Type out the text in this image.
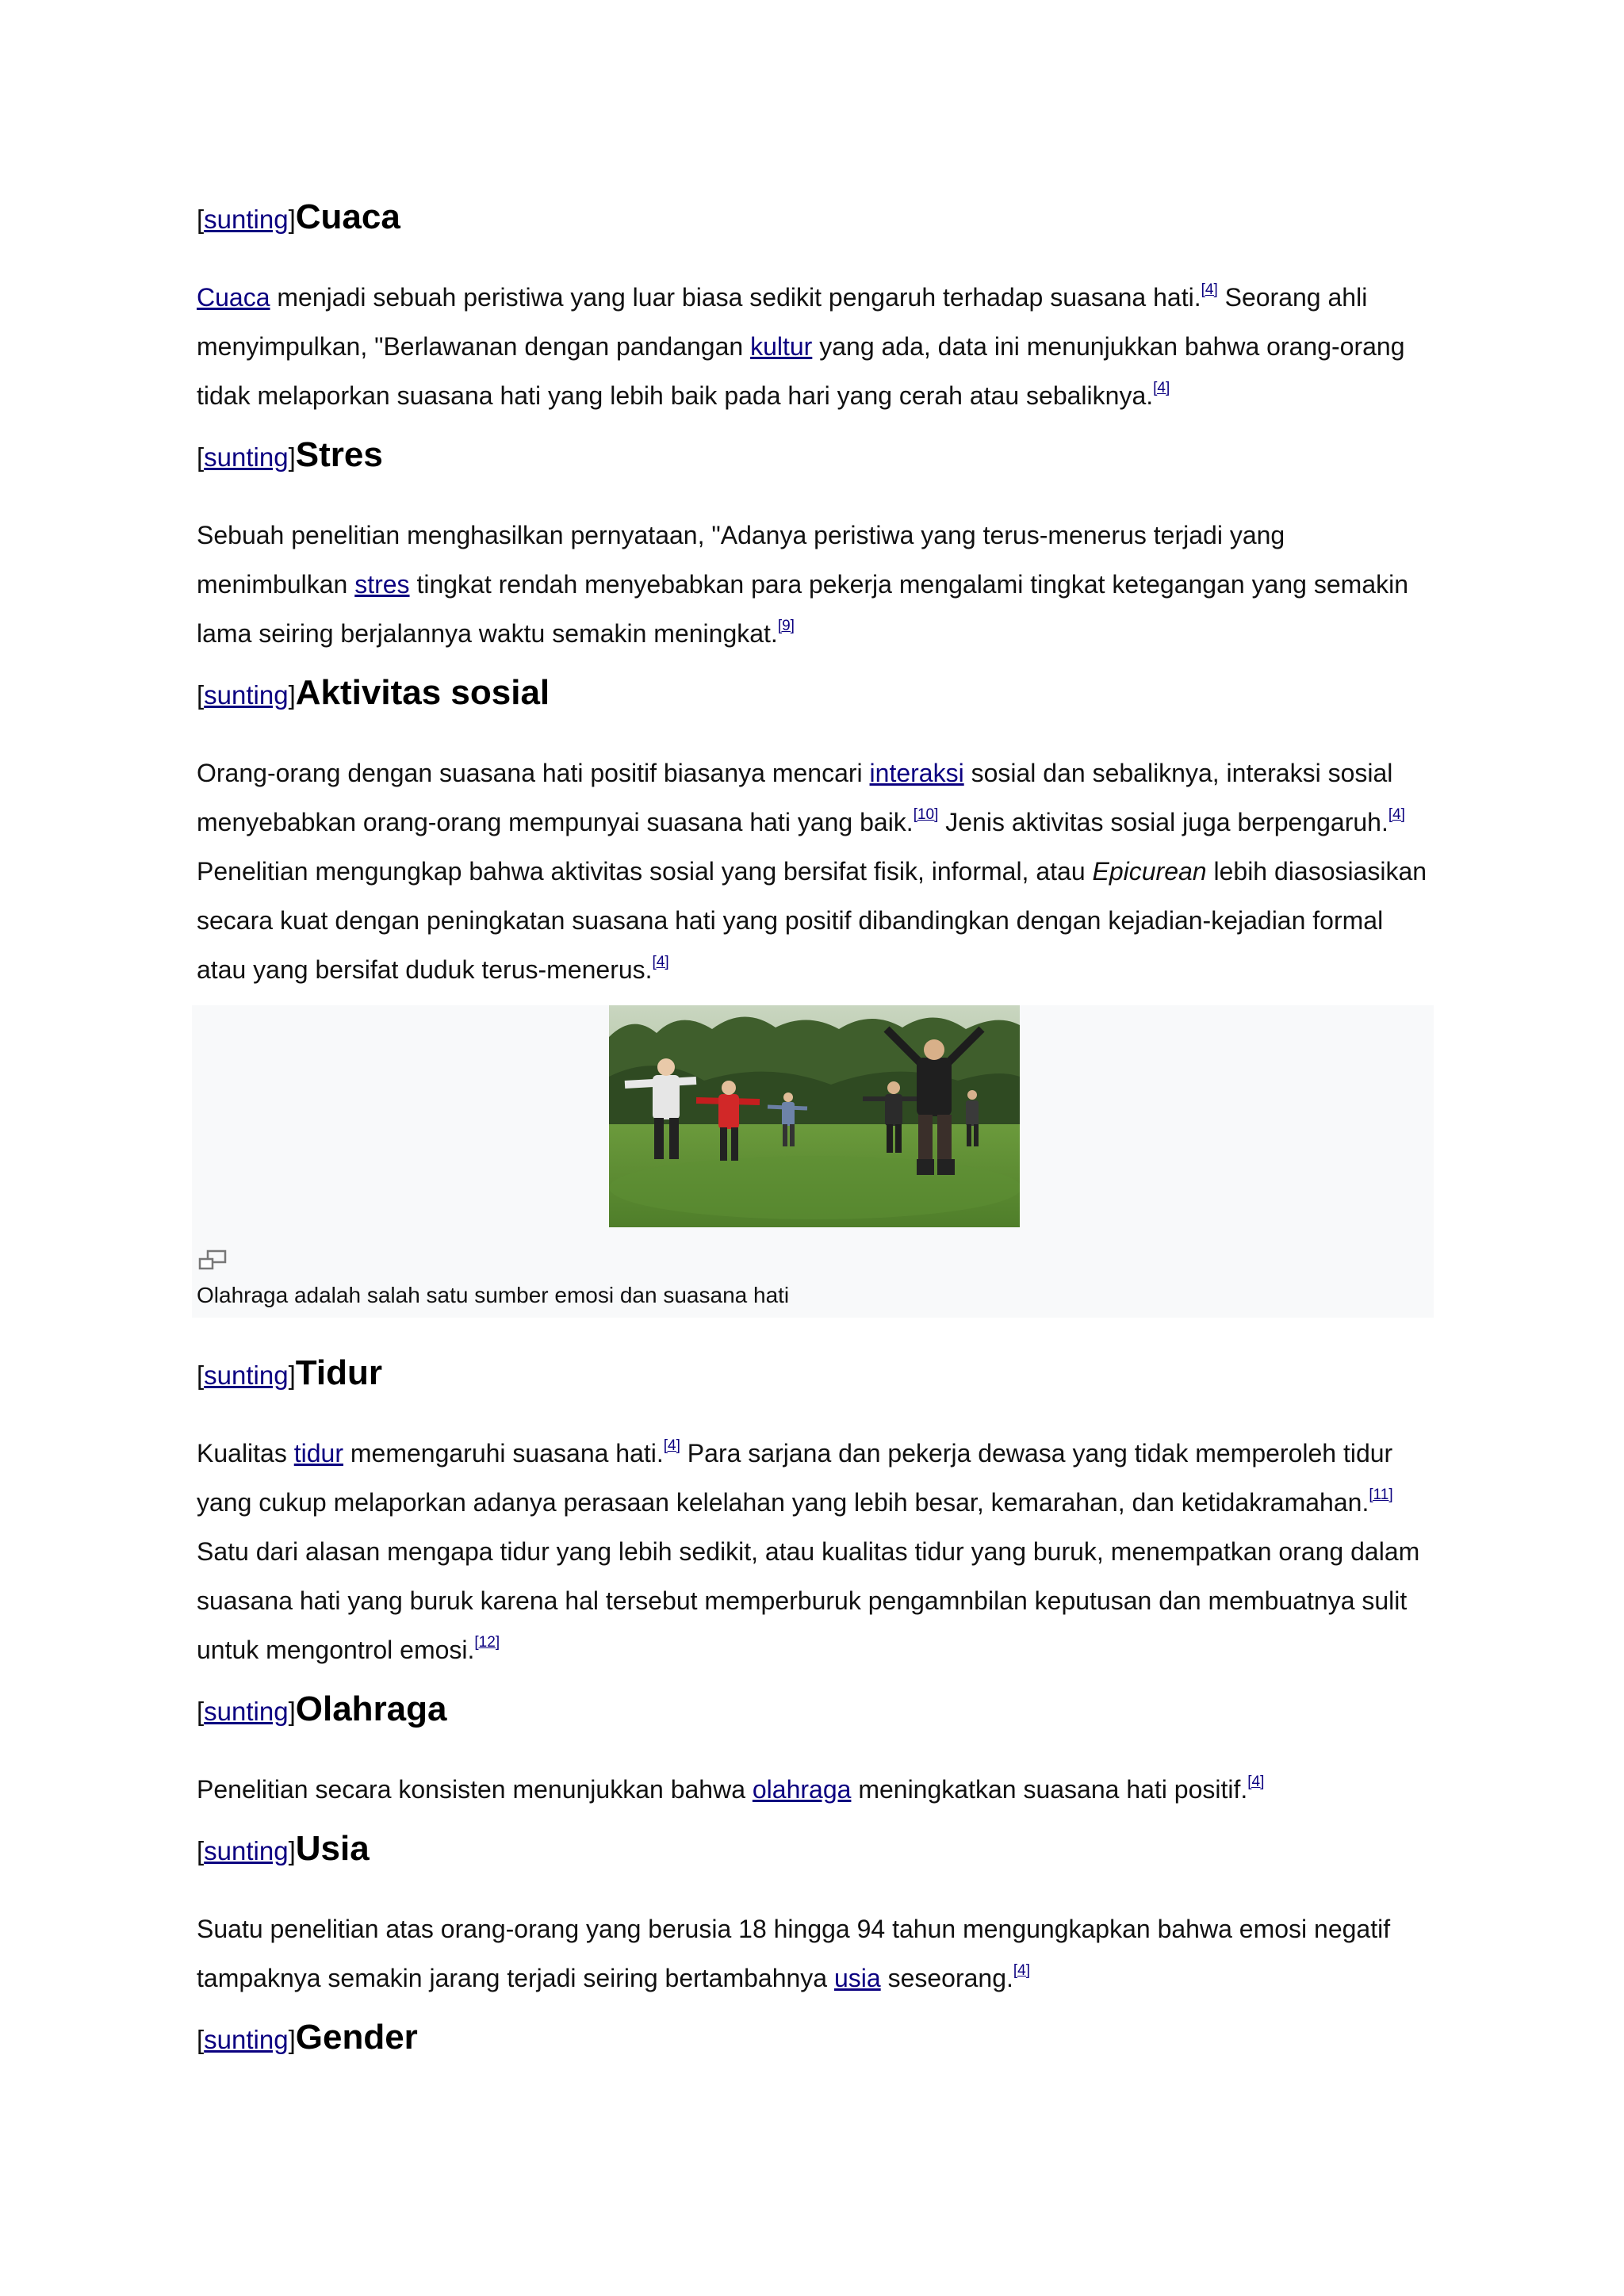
[sunting]Cuaca

Cuaca menjadi sebuah peristiwa yang luar biasa sedikit pengaruh terhadap suasana hati.[4] Seorang ahli menyimpulkan, "Berlawanan dengan pandangan kultur yang ada, data ini menunjukkan bahwa orang-orang tidak melaporkan suasana hati yang lebih baik pada hari yang cerah atau sebaliknya.[4]

[sunting]Stres

Sebuah penelitian menghasilkan pernyataan, "Adanya peristiwa yang terus-menerus terjadi yang menimbulkan stres tingkat rendah menyebabkan para pekerja mengalami tingkat ketegangan yang semakin lama seiring berjalannya waktu semakin meningkat.[9]

[sunting]Aktivitas sosial

Orang-orang dengan suasana hati positif biasanya mencari interaksi sosial dan sebaliknya, interaksi sosial menyebabkan orang-orang mempunyai suasana hati yang baik.[10] Jenis aktivitas sosial juga berpengaruh.[4] Penelitian mengungkap bahwa aktivitas sosial yang bersifat fisik, informal, atau Epicurean lebih diasosiasikan secara kuat dengan peningkatan suasana hati yang positif dibandingkan dengan kejadian-kejadian formal atau yang bersifat duduk terus-menerus.[4]

Olahraga adalah salah satu sumber emosi dan suasana hati
[sunting]Tidur

Kualitas tidur memengaruhi suasana hati.[4] Para sarjana dan pekerja dewasa yang tidak memperoleh tidur yang cukup melaporkan adanya perasaan kelelahan yang lebih besar, kemarahan, dan ketidakramahan.[11] Satu dari alasan mengapa tidur yang lebih sedikit, atau kualitas tidur yang buruk, menempatkan orang dalam suasana hati yang buruk karena hal tersebut memperburuk pengamnbilan keputusan dan membuatnya sulit untuk mengontrol emosi.[12]

[sunting]Olahraga

Penelitian secara konsisten menunjukkan bahwa olahraga meningkatkan suasana hati positif.[4]

[sunting]Usia

Suatu penelitian atas orang-orang yang berusia 18 hingga 94 tahun mengungkapkan bahwa emosi negatif tampaknya semakin jarang terjadi seiring bertambahnya usia seseorang.[4]

[sunting]Gender
